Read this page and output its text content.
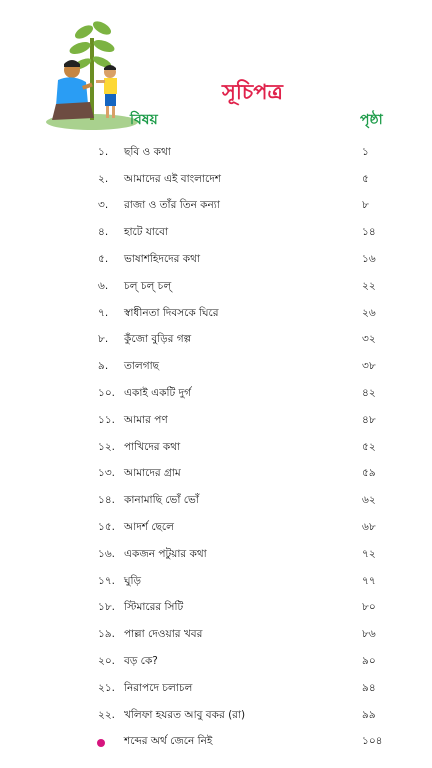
সূচিপত্র
বিষয়	পৃষ্ঠা
১. ছবি ও কথা	১
২. আমাদের এই বাংলাদেশ	৫
৩. রাজা ও তাঁর তিন কন্যা	৮
৪. হাটে যাবো	১৪
৫. ভাষাশহিদদের কথা	১৬
৬. চল্ চল্ চল্	২২
৭. স্বাধীনতা দিবসকে ঘিরে	২৬
৮. কুঁজো বুড়ির গল্প	৩২
৯. তালগাছ	৩৮
১০. একাই একটি দুর্গ	৪২
১১. আমার পণ	৪৮
১২. পাখিদের কথা	৫২
১৩. আমাদের গ্রাম	৫৯
১৪. কানামাছি ভোঁ ভোঁ	৬২
১৫. আদর্শ ছেলে	৬৮
১৬. একজন পটুয়ার কথা	৭২
১৭. ঘুড়ি	৭৭
১৮. স্টিমারের সিটি	৮০
১৯. পাল্লা দেওয়ার খবর	৮৬
২০. বড় কে?	৯০
২১. নিরাপদে চলাচল	৯৪
২২. খলিফা হযরত আবু বকর (রা)	৯৯
শব্দের অর্থ জেনে নিই	১০৪
